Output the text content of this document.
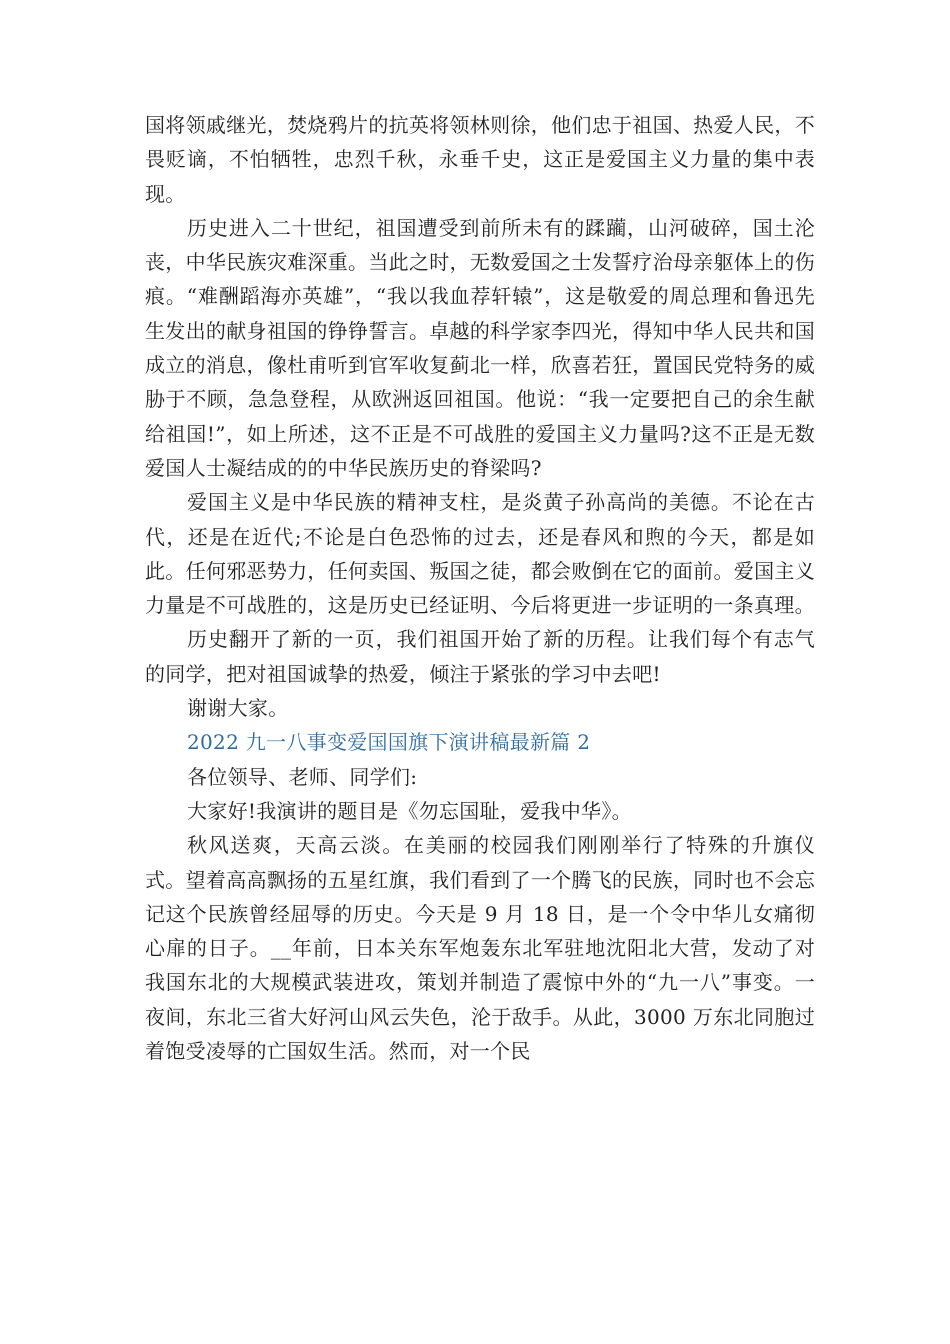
国将领戚继光，焚烧鸦片的抗英将领林则徐，他们忠于祖国、热爱人民，不畏贬谪，不怕牺牲，忠烈千秋，永垂千史，这正是爱国主义力量的集中表现。

历史进入二十世纪，祖国遭受到前所未有的蹂躏，山河破碎，国土沦丧，中华民族灾难深重。当此之时，无数爱国之士发誓疗治母亲躯体上的伤痕。“难酬蹈海亦英雄”，“我以我血荐轩辕”，这是敬爱的周总理和鲁迅先生发出的献身祖国的铮铮誓言。卓越的科学家李四光，得知中华人民共和国成立的消息，像杜甫听到官军收复蓟北一样，欣喜若狂，置国民党特务的威胁于不顾，急急登程，从欧洲返回祖国。他说：“我一定要把自己的余生献给祖国!”，如上所述，这不正是不可战胜的爱国主义力量吗?这不正是无数爱国人士凝结成的的中华民族历史的脊梁吗?

爱国主义是中华民族的精神支柱，是炎黄子孙高尚的美德。不论在古代，还是在近代;不论是白色恐怖的过去，还是春风和煦的今天，都是如此。任何邪恶势力，任何卖国、叛国之徒，都会败倒在它的面前。爱国主义力量是不可战胜的，这是历史已经证明、今后将更进一步证明的一条真理。

历史翻开了新的一页，我们祖国开始了新的历程。让我们每个有志气的同学，把对祖国诚挚的热爱，倾注于紧张的学习中去吧!

谢谢大家。

2022 九一八事变爱国国旗下演讲稿最新篇 2

各位领导、老师、同学们:

大家好!我演讲的题目是《勿忘国耻，爱我中华》。

秋风送爽，天高云淡。在美丽的校园我们刚刚举行了特殊的升旗仪式。望着高高飘扬的五星红旗，我们看到了一个腾飞的民族，同时也不会忘记这个民族曾经屈辱的历史。今天是 9 月 18 日，是一个令中华儿女痛彻心扉的日子。__年前，日本关东军炮轰东北军驻地沈阳北大营，发动了对我国东北的大规模武装进攻，策划并制造了震惊中外的“九一八”事变。一夜间，东北三省大好河山风云失色，沦于敌手。从此，3000 万东北同胞过着饱受凌辱的亡国奴生活。然而，对一个民
